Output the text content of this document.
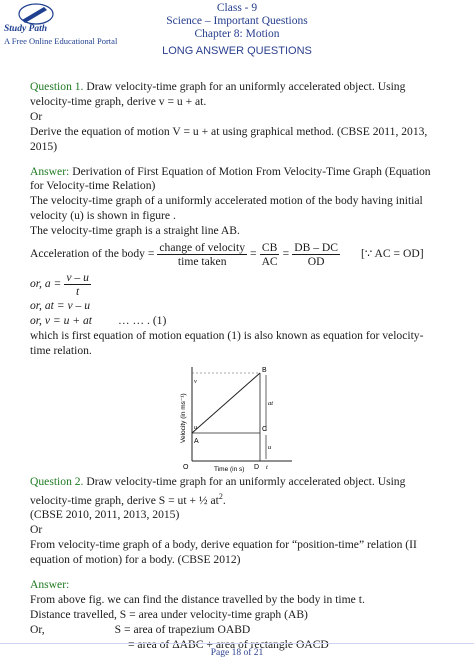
Study Path
A Free Online Educational Portal
Class - 9
Science – Important Questions
Chapter 8: Motion
LONG ANSWER QUESTIONS

Question 1. Draw velocity-time graph for an uniformly accelerated object. Using

velocity-time graph, derive v = u + at.

Or

Derive the equation of motion V = u + at using graphical method. (CBSE 2011, 2013,

2015)

Answer: Derivation of First Equation of Motion From Velocity-Time Graph (Equation

for Velocity-time Relation)

The velocity-time graph of a uniformly accelerated motion of the body having initial

velocity (u) is shown in figure .

The velocity-time graph is a straight line AB.

Acceleration of the body = $\frac{\text{change of velocity}}{\text{time taken}} = \frac{CB}{AC} = \frac{DB - DC}{OD}$ [∵ AC = OD]
or, $a = \frac{v - u}{t}$

or, at = v – u

or, v = u + at … … . (1)

which is first equation of motion equation (1) is also known as equation for velocity-

time relation.

Velocity (in ms⁻¹)
Time (in s)
O
A
B
C
D
u
v
at
u
t

Question 2. Draw velocity-time graph for an uniformly accelerated object. Using

velocity-time graph, derive S = ut + ½ $at^2$.

(CBSE 2010, 2011, 2013, 2015)

Or

From velocity-time graph of a body, derive equation for “position-time” relation (II

equation of motion) for a body. (CBSE 2012)

Answer:

From above fig. we can find the distance travelled by the body in time t.

Distance travelled, S = area under velocity-time graph (AB)

Or,	S = area of trapezium OABD

= area of ΔABC + area of rectangle OACD

Page 18 of 21
